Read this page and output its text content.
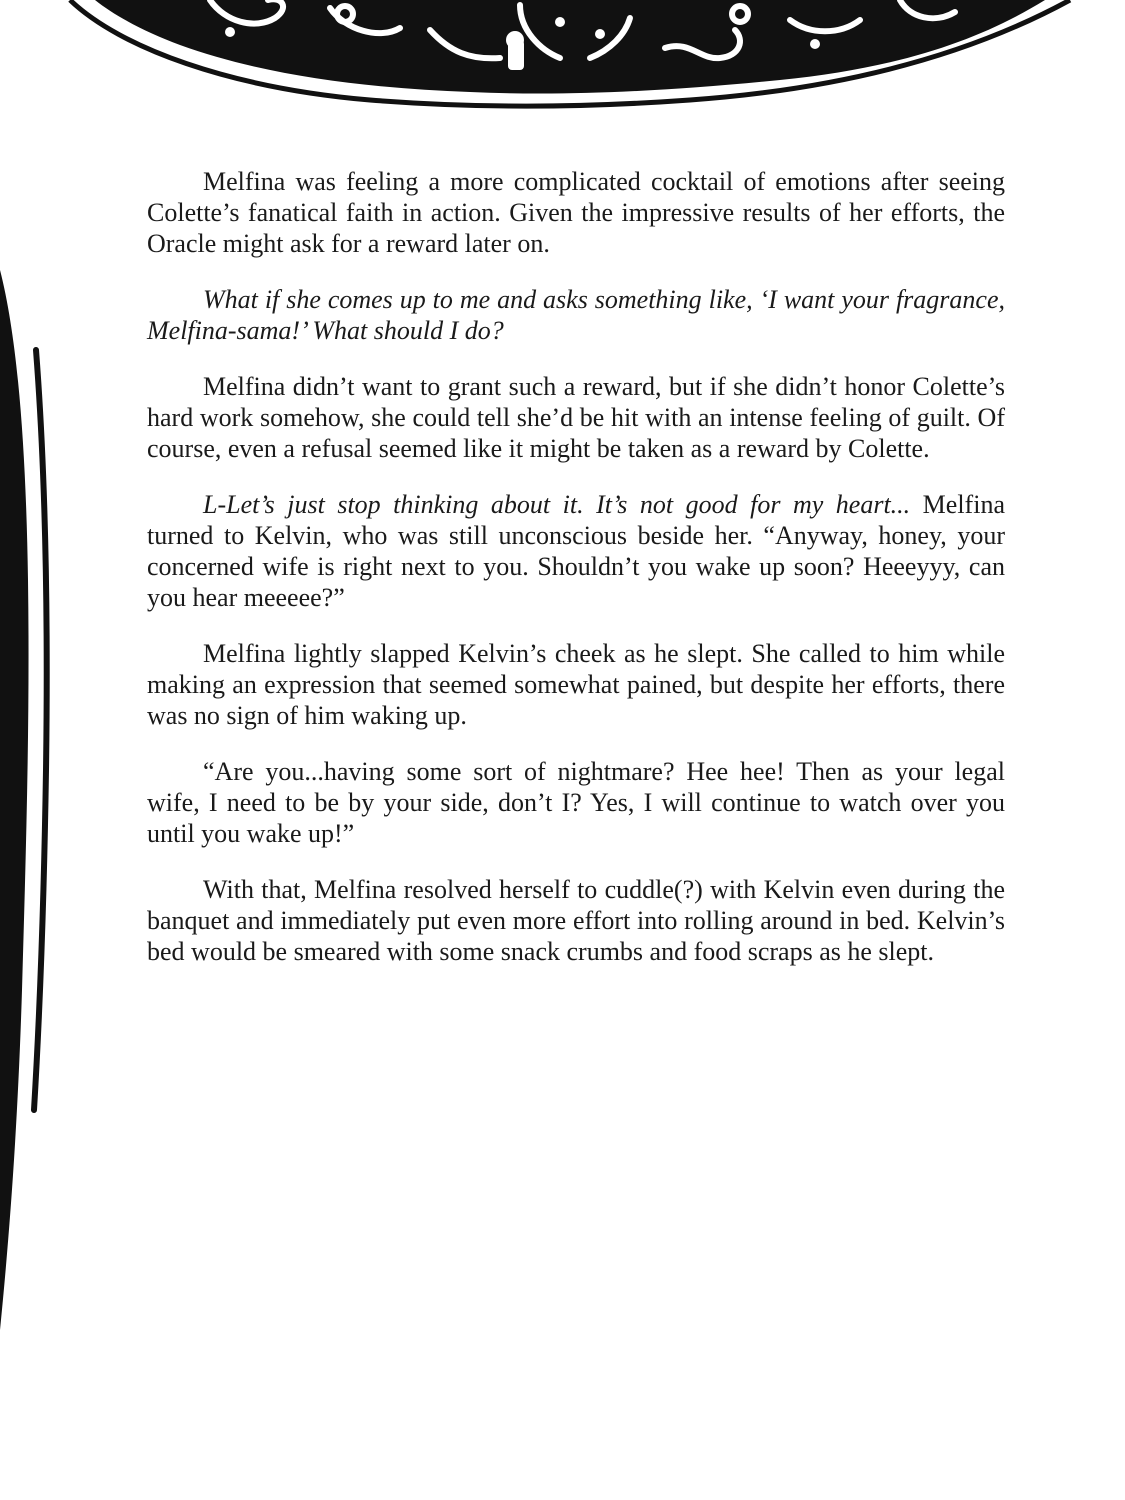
Melfina was feeling a more complicated cocktail of emotions after seeing Colette’s fanatical faith in action. Given the impressive results of her efforts, the Oracle might ask for a reward later on.

What if she comes up to me and asks something like, ‘I want your fragrance, Melfina-sama!’ What should I do?

Melfina didn’t want to grant such a reward, but if she didn’t honor Colette’s hard work somehow, she could tell she’d be hit with an intense feeling of guilt. Of course, even a refusal seemed like it might be taken as a reward by Colette.

L-Let’s just stop thinking about it. It’s not good for my heart... Melfina turned to Kelvin, who was still unconscious beside her. “Anyway, honey, your concerned wife is right next to you. Shouldn’t you wake up soon? Heeeyyy, can you hear meeeee?”

Melfina lightly slapped Kelvin’s cheek as he slept. She called to him while making an expression that seemed somewhat pained, but despite her efforts, there was no sign of him waking up.

“Are you...having some sort of nightmare? Hee hee! Then as your legal wife, I need to be by your side, don’t I? Yes, I will continue to watch over you until you wake up!”

With that, Melfina resolved herself to cuddle(?) with Kelvin even during the banquet and immediately put even more effort into rolling around in bed. Kelvin’s bed would be smeared with some snack crumbs and food scraps as he slept.
